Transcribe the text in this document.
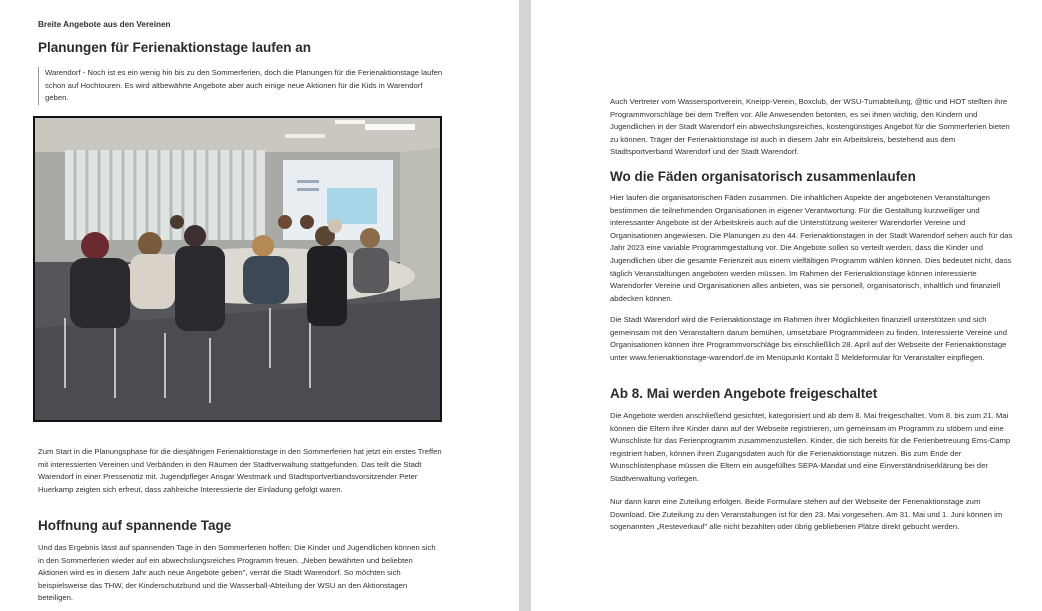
Breite Angebote aus den Vereinen
Planungen für Ferienaktionstage laufen an
Warendorf - Noch ist es ein wenig hin bis zu den Sommerferien, doch die Planungen für die Ferienaktionstage laufen schon auf Hochtouren. Es wird altbewährte Angebote aber auch einige neue Aktionen für die Kids in Warendorf geben.
Zum Start in die Planungsphase für die diesjährigen Ferienaktionstage in den Sommerferien hat jetzt ein erstes Treffen mit interessierten Vereinen und Verbänden in den Räumen der Stadtverwaltung stattgefunden. Das teilt die Stadt Warendorf in einer Pressenotiz mit. Jugendpfleger Ansgar Westmark und Stadtsportverbandsvorsitzender Peter Huerkamp zeigten sich erfreut, dass zahlreiche Interessierte der Einladung gefolgt waren.
Hoffnung auf spannende Tage
Und das Ergebnis lässt auf spannenden Tage in den Sommerferien hoffen: Die Kinder und Jugendlichen können sich in den Sommerferien wieder auf ein abwechslungsreiches Programm freuen. „Neben bewährten und beliebten Aktionen wird es in diesem Jahr auch neue Angebote geben", verrät die Stadt Warendorf. So möchten sich beispielsweise das THW, der Kinderschutzbund und die Wasserball-Abteilung der WSU an den Aktionstagen beteiligen.
Auch Vertreter vom Wassersportverein, Kneipp-Verein, Boxclub, der WSU-Turnabteilung, @ttic und HOT stellten ihre Programmvorschläge bei dem Treffen vor. Alle Anwesenden betonten, es sei ihnen wichtig, den Kindern und Jugendlichen in der Stadt Warendorf ein abwechslungsreiches, kostengünstiges Angebot für die Sommerferien bieten zu können. Träger der Ferienaktionstage ist auch in diesem Jahr ein Arbeitskreis, bestehend aus dem Stadtsportverband Warendorf und der Stadt Warendorf.
Wo die Fäden organisatorisch zusammenlaufen
Hier laufen die organisatorischen Fäden zusammen. Die inhaltlichen Aspekte der angebotenen Veranstaltungen bestimmen die teilnehmenden Organisationen in eigener Verantwortung. Für die Gestaltung kurzweiliger und interessanter Angebote ist der Arbeitskreis auch auf die Unterstützung weiterer Warendorfer Vereine und Organisationen angewiesen. Die Planungen zu den 44. Ferienaktionstagen in der Stadt Warendorf sehen auch für das Jahr 2023 eine variable Programmgestaltung vor. Die Angebote sollen so verteilt werden, dass die Kinder und Jugendlichen über die gesamte Ferienzeit aus einem vielfältigen Programm wählen können. Dies bedeutet nicht, dass täglich Veranstaltungen angeboten werden müssen. Im Rahmen der Ferienaktionstage können interessierte Warendorfer Vereine und Organisationen alles anbieten, was sie personell, organisatorisch, inhaltlich und finanziell abdecken können.
Die Stadt Warendorf wird die Ferienaktionstage im Rahmen ihrer Möglichkeiten finanziell unterstützen und sich gemeinsam mit den Veranstaltern darum bemühen, umsetzbare Programmideen zu finden. Interessierte Vereine und Organisationen können ihre Programmvorschläge bis einschließlich 28. April auf der Webseite der Ferienaktionstage unter www.ferienaktionstage-warendorf.de im Menüpunkt Kontakt ⍰ Meldeformular für Veranstalter einpflegen.
Ab 8. Mai werden Angebote freigeschaltet
Die Angebote werden anschließend gesichtet, kategorisiert und ab dem 8. Mai freigeschaltet. Vom 8. bis zum 21. Mai können die Eltern ihre Kinder dann auf der Webseite registrieren, um gemeinsam im Programm zu stöbern und eine Wunschliste für das Ferienprogramm zusammenzustellen. Kinder, die sich bereits für die Ferienbetreuung Ems-Camp registriert haben, können ihren Zugangsdaten auch für die Ferienaktionstage nutzen. Bis zum Ende der Wunschlistenphase müssen die Eltern ein ausgefülltes SEPA-Mandat und eine Einverständniserklärung bei der Stadtverwaltung vorlegen.
Nur dann kann eine Zuteilung erfolgen. Beide Formulare stehen auf der Webseite der Ferienaktionstage zum Download. Die Zuteilung zu den Veranstaltungen ist für den 23. Mai vorgesehen. Am 31. Mai und 1. Juni können im sogenannten „Resteverkauf" alle nicht bezahlten oder übrig gebliebenen Plätze direkt gebucht werden.
